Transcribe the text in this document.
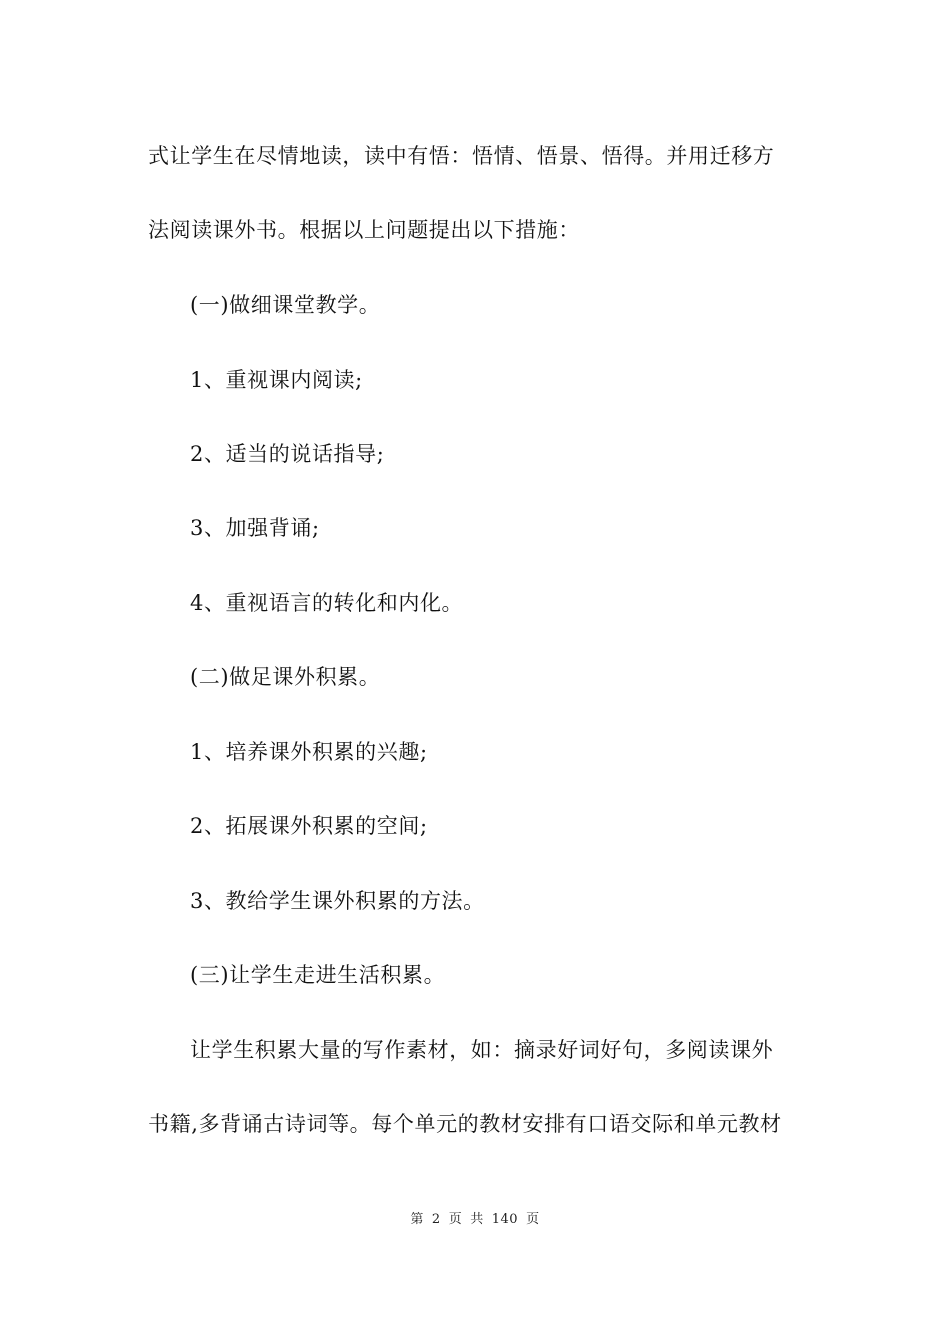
式让学生在尽情地读，读中有悟：悟情、悟景、悟得。并用迁移方
法阅读课外书。根据以上问题提出以下措施：
(一)做细课堂教学。
1、重视课内阅读;
2、适当的说话指导;
3、加强背诵;
4、重视语言的转化和内化。
(二)做足课外积累。
1、培养课外积累的兴趣;
2、拓展课外积累的空间;
3、教给学生课外积累的方法。
(三)让学生走进生活积累。
让学生积累大量的写作素材，如：摘录好词好句，多阅读课外
书籍,多背诵古诗词等。每个单元的教材安排有口语交际和单元教材
第 2 页 共 140 页
